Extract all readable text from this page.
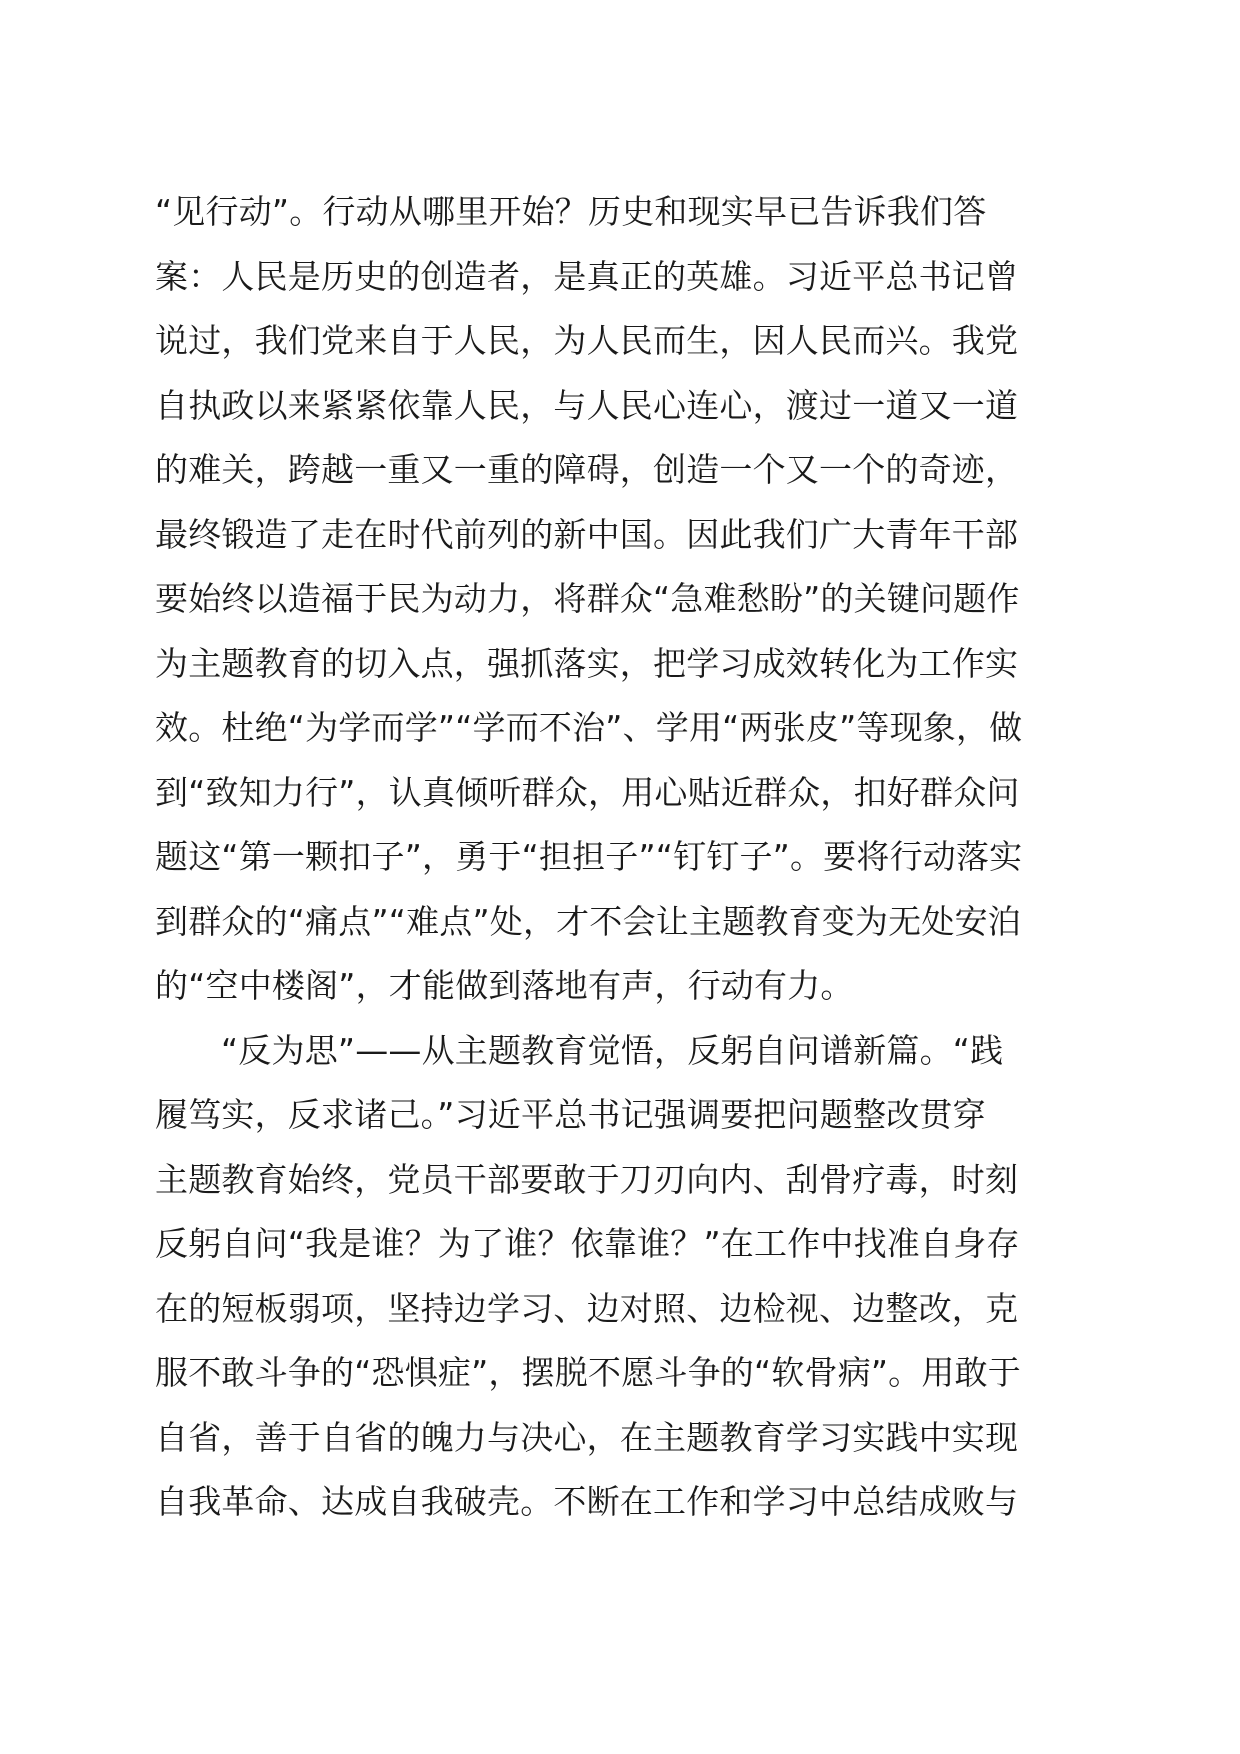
“见行动”。行动从哪里开始？历史和现实早已告诉我们答
案：人民是历史的创造者，是真正的英雄。习近平总书记曾
说过，我们党来自于人民，为人民而生，因人民而兴。我党
自执政以来紧紧依靠人民，与人民心连心，渡过一道又一道
的难关，跨越一重又一重的障碍，创造一个又一个的奇迹，
最终锻造了走在时代前列的新中国。因此我们广大青年干部
要始终以造福于民为动力，将群众“急难愁盼”的关键问题作
为主题教育的切入点，强抓落实，把学习成效转化为工作实
效。杜绝“为学而学”“学而不治”、学用“两张皮”等现象，做
到“致知力行”，认真倾听群众，用心贴近群众，扣好群众问
题这“第一颗扣子”，勇于“担担子”“钉钉子”。要将行动落实
到群众的“痛点”“难点”处，才不会让主题教育变为无处安泊
的“空中楼阁”，才能做到落地有声，行动有力。
“反为思”——从主题教育觉悟，反躬自问谱新篇。“践
履笃实，反求诸己。”习近平总书记强调要把问题整改贯穿
主题教育始终，党员干部要敢于刀刃向内、刮骨疗毒，时刻
反躬自问“我是谁？为了谁？依靠谁？”在工作中找准自身存
在的短板弱项，坚持边学习、边对照、边检视、边整改，克
服不敢斗争的“恐惧症”，摆脱不愿斗争的“软骨病”。用敢于
自省，善于自省的魄力与决心，在主题教育学习实践中实现
自我革命、达成自我破壳。不断在工作和学习中总结成败与
